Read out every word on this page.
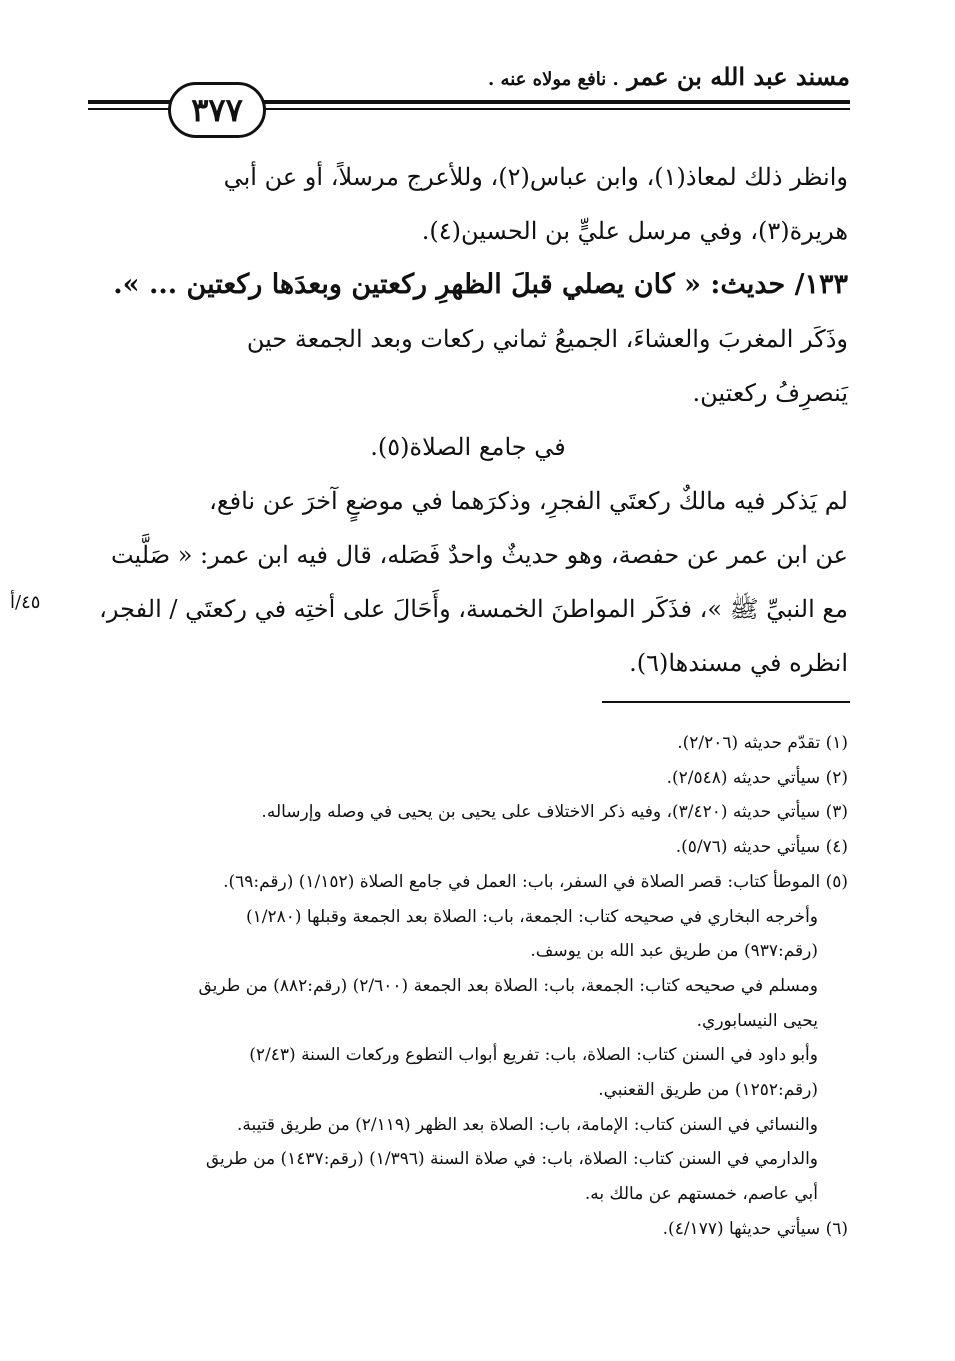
مسند عبد الله بن عمر . نافع مولاه عنه .
٣٧٧
وانظر ذلك لمعاذ(١)، وابن عباس(٢)، وللأعرج مرسلاً، أو عن أبي
هريرة(٣)، وفي مرسل عليٍّ بن الحسين(٤).
١٣٣/ حديث: « كان يصلي قبلَ الظهرِ ركعتين وبعدَها ركعتين ... ».
وذَكَر المغربَ والعشاءَ، الجميعُ ثماني ركعات وبعد الجمعة حين
يَنصرِفُ ركعتين.
في جامع الصلاة(٥).
لم يَذكر فيه مالكٌ ركعتَي الفجرِ، وذكرَهما في موضعٍ آخرَ عن نافع،
عن ابن عمر عن حفصة، وهو حديثٌ واحدٌ فَصَله، قال فيه ابن عمر: « صَلَّيت
مع النبيِّ ﷺ »، فذَكَر المواطنَ الخمسة، وأَحَالَ على أختِه في ركعتَي / الفجر،
انظره في مسندها(٦).
٤٥/أ
(١) تقدّم حديثه (٢/٢٠٦).
(٢) سيأتي حديثه (٢/٥٤٨).
(٣) سيأتي حديثه (٣/٤٢٠)، وفيه ذكر الاختلاف على يحيى بن يحيى في وصله وإرساله.
(٤) سيأتي حديثه (٥/٧٦).
(٥) الموطأ كتاب: قصر الصلاة في السفر، باب: العمل في جامع الصلاة (١/١٥٢) (رقم:٦٩).
وأخرجه البخاري في صحيحه كتاب: الجمعة، باب: الصلاة بعد الجمعة وقبلها (١/٢٨٠)
(رقم:٩٣٧) من طريق عبد الله بن يوسف.
ومسلم في صحيحه كتاب: الجمعة، باب: الصلاة بعد الجمعة (٢/٦٠٠) (رقم:٨٨٢) من طريق
يحيى النيسابوري.
وأبو داود في السنن كتاب: الصلاة، باب: تفريع أبواب التطوع وركعات السنة (٢/٤٣)
(رقم:١٢٥٢) من طريق القعنبي.
والنسائي في السنن كتاب: الإمامة، باب: الصلاة بعد الظهر (٢/١١٩) من طريق قتيبة.
والدارمي في السنن كتاب: الصلاة، باب: في صلاة السنة (١/٣٩٦) (رقم:١٤٣٧) من طريق
أبي عاصم، خمستهم عن مالك به.
(٦) سيأتي حديثها (٤/١٧٧).
